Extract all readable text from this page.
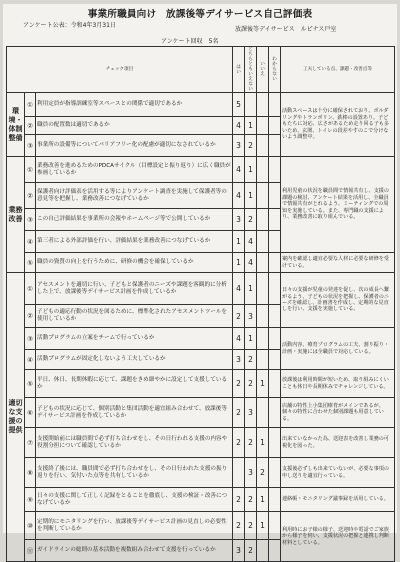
事業所職員向け　放課後等デイサービス自己評価表
アンケート公表：令和4年3月31日
放課後等デイサービス　ルピナス戸室
アンケート回収　5名
チェック項目			はい	どちらともいえない	いいえ	わからない	工夫している点、課題・改善点等
環境・体制整備	①	利用定員が指導訓練室等スペースとの関係で適切であるか	5				活動スペースは十分に確保されており、ボルダリングやトランポリン、鉄棒の設置あり。子どもたちに対応、広さがあるため走り回る子も多いため、玄関、トイレの段差やすのこで分けないよう調整中。
	②	職員の配置数は適切であるか	4	1			
	③	事業所の設備等についてバリアフリー化の配慮が適切になされているか	3	2			
業務改善	①	業務改善を進めるためのPDCAサイクル（目標設定と振り返り）に広く職員が参画しているか	4	1			利用児童の状況を職員間で情報共有し、支援の課題の検討、アンケート結果を活用し、全職員で情報共有がとれるよう、ミーティングでの周知を実施している。また、専門職の支援により、業務改善に取り組んでいる。
	②	保護者向け評価表を活用する等によりアンケート調査を実施して保護者等の意見等を把握し、業務改善につなげているか	4	1			
	③	この自己評価結果を事業所の会報やホームページ等で公開しているか	3	2			
	④	第三者による外部評価を行い、評価結果を業務改善につなげているか	1	4			
	⑤	職員の資質の向上を行うために、研修の機会を確保しているか	1	4			案内を確認し適宜必要な人材に必要な研修を受けている。
適切な支援の提供	①	アセスメントを適切に行い、子どもと保護者のニーズや課題を客観的に分析した上で、放課後等デイサービス計画を作成しているか	4	1			日々の支援が児童の発達を促し、次の成長へ繋がるよう、子どもの状況を把握し、保護者のニーズを確認し、計画書を作成し、定期的な見直しを行い、支援を実施している。
	②	子どもの適応行動の状況を図るために、標準化されたアセスメントツールを使用しているか	2	3			
	③	活動プログラムの立案をチームで行っているか	4	1			活動内容、療育プログラムの工夫、割り振り・計画・実施には全職員で対応している。
	④	活動プログラムが固定化しないよう工夫しているか	3	2			
	⑤	平日、休日、長期休暇に応じて、課題をきめ細やかに設定して支援しているか	2	2	1		放課後は利用時間が短いため、取り組みにくいことも休日や長期休みでチャレンジしている。
	⑥	子どもの状況に応じて、個別活動と集団活動を適宜組み合わせて、放課後等デイサービス計画を作成しているか	2	3			店舗の特性上小集団療育がメインであるが、個々の特性に合わせた個別課題も用意している。
	⑦	支援開始前には職員間で必ず打ち合わせをし、その日行われる支援の内容や役割分担について確認しているか	2	2	1		出来ていなかった為、送迎表を改善し業務の可視化を図った。
	⑧	支援終了後には、職員間で必ず打ち合わせをし、その日行われた支援の振り返りを行い、気付いた点等を共有しているか		3	2		支援後必ずしも出来ていないが、必要な事項の申し送りを適宜行っている。
	⑨	日々の支援に関して正しく記録をとることを徹底し、支援の検証・改善につなげているか	2	2	1		連絡帳・モニタリング議事録を活用している。
	⑩	定期的にモニタリングを行い、放課後等デイサービス計画の見直しの必要性を判断しているか	2	2	1		利用時にお子様の様子、送迎時や電話でご家族から様子を伺い、支援状況の把握と連携し判断材料としている。
	⑪	ガイドラインの総則の基本活動を複数組み合わせて支援を行っているか	3	2			
